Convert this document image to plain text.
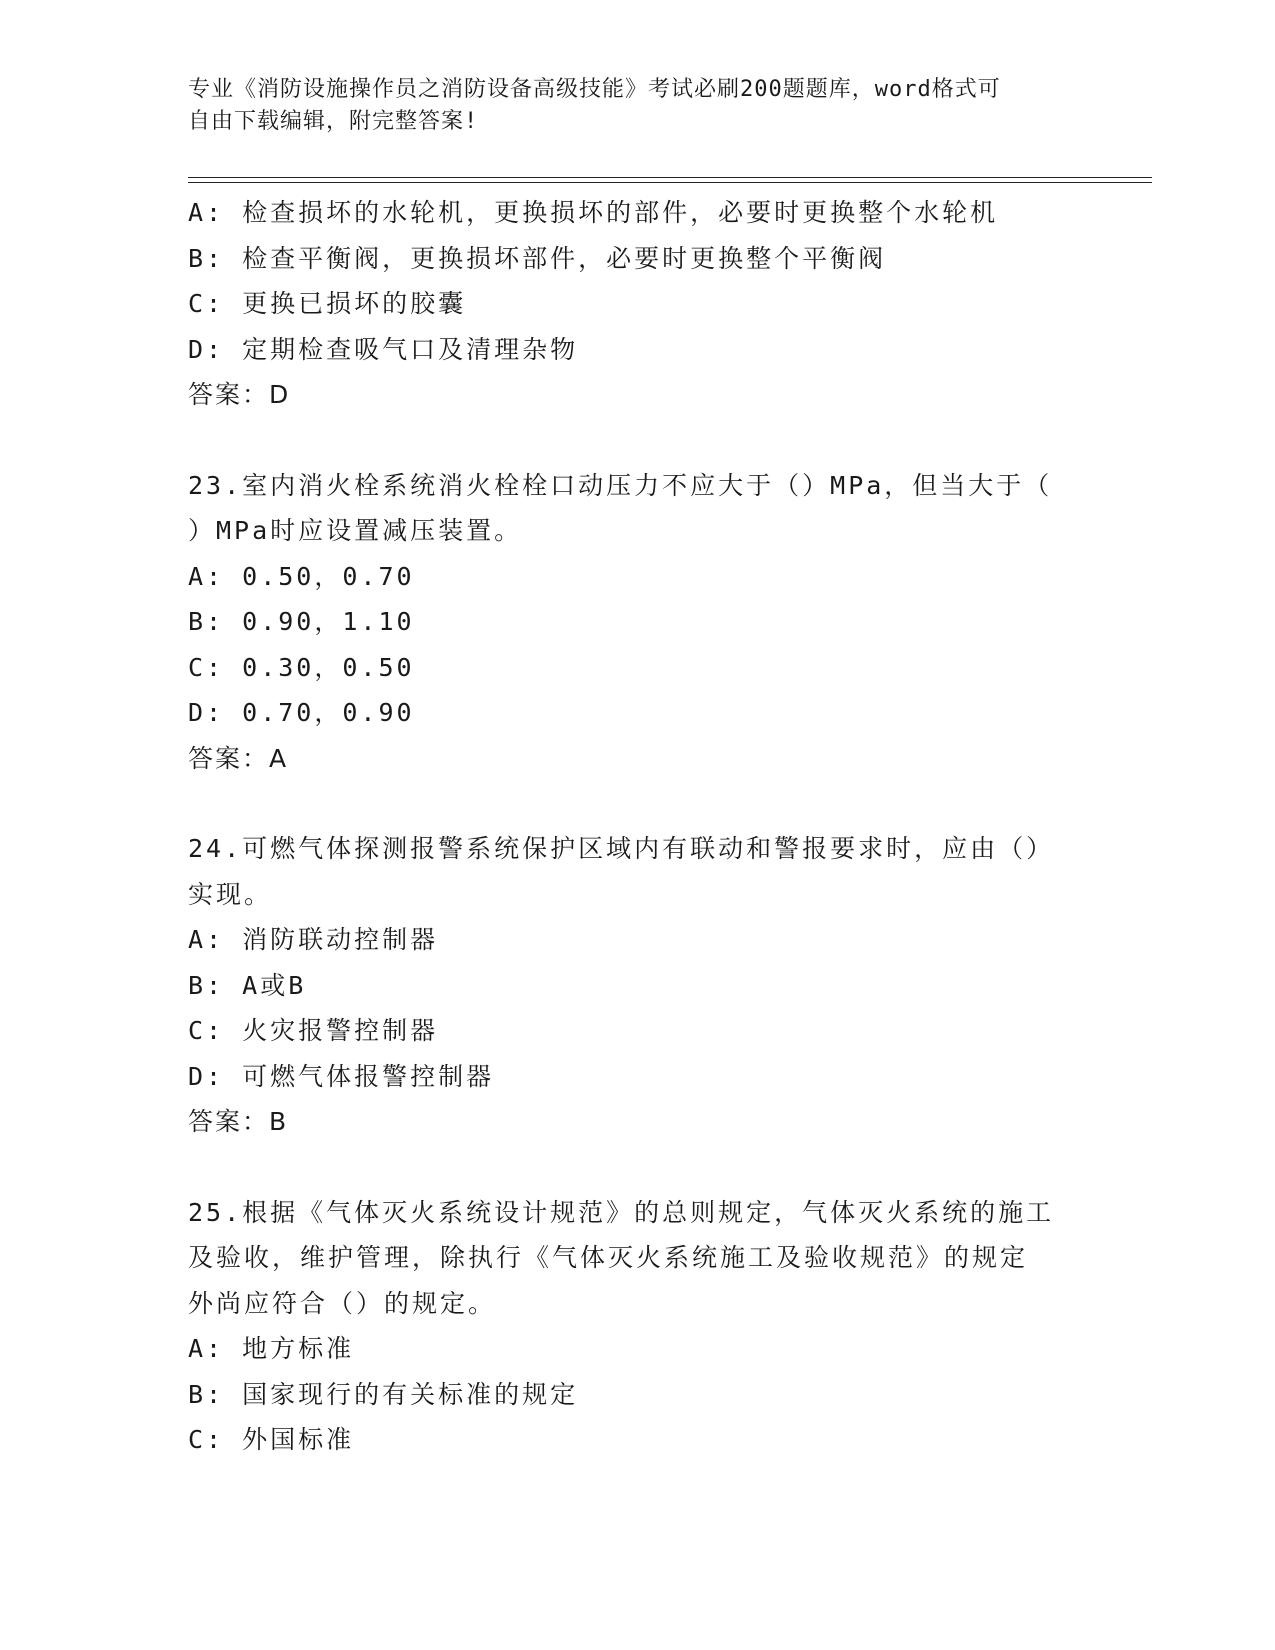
专业《消防设施操作员之消防设备高级技能》考试必刷200题题库，word格式可
自由下载编辑，附完整答案!
A: 检查损坏的水轮机，更换损坏的部件，必要时更换整个水轮机
B: 检查平衡阀，更换损坏部件，必要时更换整个平衡阀
C: 更换已损坏的胶囊
D: 定期检查吸气口及清理杂物
答案：D
23.室内消火栓系统消火栓栓口动压力不应大于（）MPa，但当大于（
）MPa时应设置减压装置。
A: 0.50，0.70
B: 0.90，1.10
C: 0.30，0.50
D: 0.70，0.90
答案：A
24.可燃气体探测报警系统保护区域内有联动和警报要求时，应由（）
实现。
A: 消防联动控制器
B: A或B
C: 火灾报警控制器
D: 可燃气体报警控制器
答案：B
25.根据《气体灭火系统设计规范》的总则规定，气体灭火系统的施工
及验收，维护管理，除执行《气体灭火系统施工及验收规范》的规定
外尚应符合（）的规定。
A: 地方标准
B: 国家现行的有关标准的规定
C: 外国标准
